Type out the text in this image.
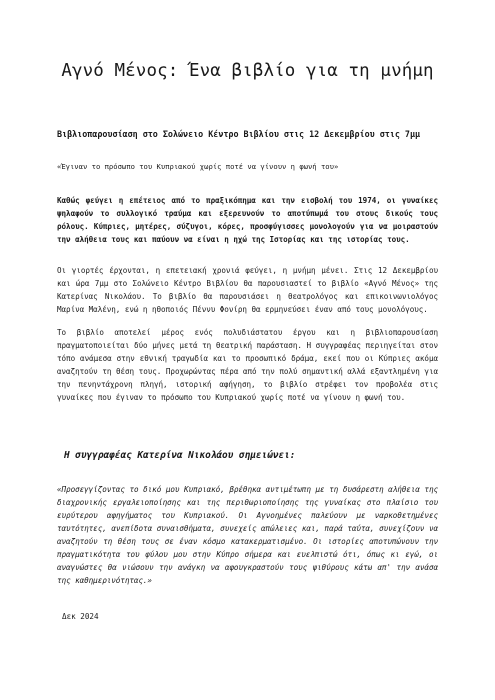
Αγνό Μένος: Ένα βιβλίο για τη μνήμη

Βιβλιοπαρουσίαση στο Σολώνειο Κέντρο Βιβλίου στις 12 Δεκεμβρίου στις 7μμ

«Έγιναν το πρόσωπο του Κυπριακού χωρίς ποτέ να γίνουν η φωνή του»

Καθώς φεύγει η επέτειος από το πραξικόπημα και την εισβολή του 1974, οι γυναίκες ψηλαφούν το συλλογικό τραύμα και εξερευνούν το αποτύπωμά του στους δικούς τους ρόλους. Κύπριες, μητέρες, σύζυγοι, κόρες, προσφύγισσες μονολογούν για να μοιραστούν την αλήθεια τους και παύουν να είναι η ηχώ της Ιστορίας και της ιστορίας τους.

Οι γιορτές έρχονται, η επετειακή χρονιά φεύγει, η μνήμη μένει. Στις 12 Δεκεμβρίου και ώρα 7μμ στο Σολώνειο Κέντρο Βιβλίου θα παρουσιαστεί το βιβλίο «Αγνό Μένος» της Κατερίνας Νικολάου. Το βιβλίο θα παρουσιάσει η θεατρολόγος και επικοινωνιολόγος Μαρίνα Μαλένη, ενώ η ηθοποιός Πέννυ Φονίρη θα ερμηνεύσει έναν από τους μονολόγους.

Το βιβλίο αποτελεί μέρος ενός πολυδιάστατου έργου και η βιβλιοπαρουσίαση πραγματοποιείται δύο μήνες μετά τη θεατρική παράσταση. Η συγγραφέας περιηγείται στον τόπο ανάμεσα στην εθνική τραγωδία και το προσωπικό δράμα, εκεί που οι Κύπριες ακόμα αναζητούν τη θέση τους. Προχωρώντας πέρα από την πολύ σημαντική αλλά εξαντλημένη για την πενηντάχρονη πληγή, ιστορική αφήγηση, το βιβλίο στρέφει τον προβολέα στις γυναίκες που έγιναν το πρόσωπο του Κυπριακού χωρίς ποτέ να γίνουν η φωνή του.

Η συγγραφέας Κατερίνα Νικολάου σημειώνει:

«Προσεγγίζοντας το δικό μου Κυπριακό, βρέθηκα αντιμέτωπη με τη δυσάρεστη αλήθεια της διαχρονικής εργαλειοποίησης και της περιθωριοποίησης της γυναίκας στο πλαίσιο του ευρύτερου αφηγήματος του Κυπριακού. Οι Αγνοημένες παλεύουν με ναρκοθετημένες ταυτότητες, ανεπίδοτα συναισθήματα, συνεχείς απώλειες και, παρά ταύτα, συνεχίζουν να αναζητούν τη θέση τους σε έναν κόσμο κατακερματισμένο. Οι ιστορίες αποτυπώνουν την πραγματικότητα του φύλου μου στην Κύπρο σήμερα και ευελπιστώ ότι, όπως κι εγώ, οι αναγνώστες θα νιώσουν την ανάγκη να αφουγκραστούν τους ψιθύρους κάτω απ' την ανάσα της καθημερινότητας.»

Δεκ 2024
